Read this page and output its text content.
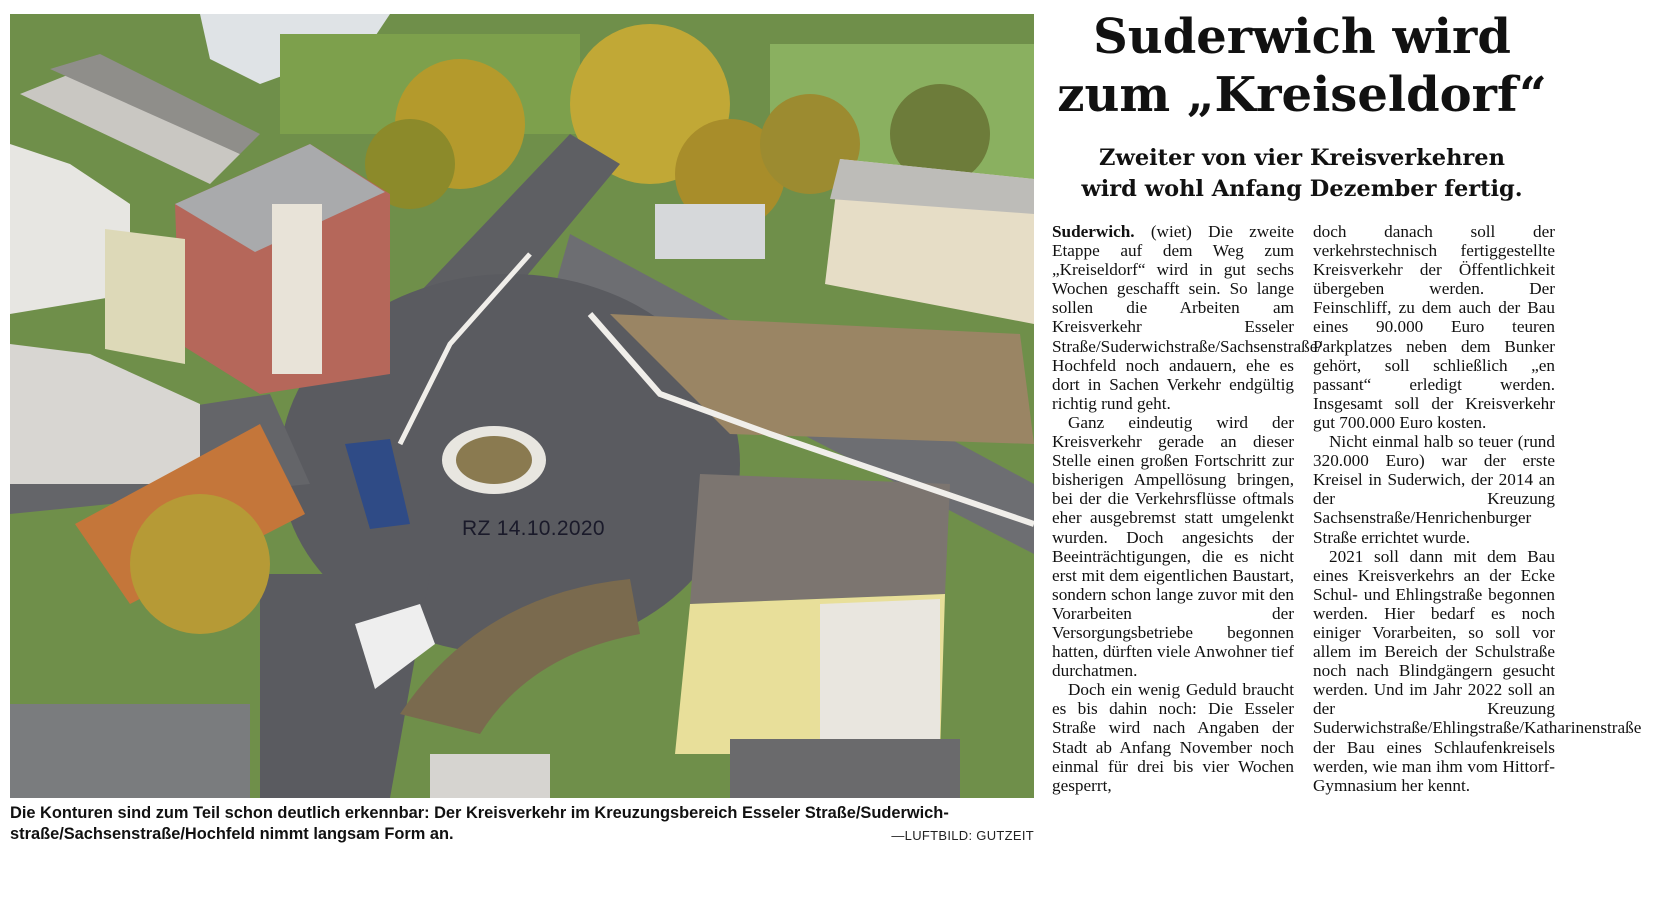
RZ 14.10.2020
Die Konturen sind zum Teil schon deutlich erkennbar: Der Kreisverkehr im Kreuzungsbereich Esseler Straße/Suderwich-straße/Sachsenstraße/Hochfeld nimmt langsam Form an.	—LUFTBILD: GUTZEIT
Suderwich wird
zum „Kreiseldorf“
Zweiter von vier Kreisverkehren
wird wohl Anfang Dezember fertig.

Suderwich. (wiet) Die zweite Etappe auf dem Weg zum „Kreiseldorf“ wird in gut sechs Wochen geschafft sein. So lange sollen die Arbeiten am Kreisverkehr Esseler Straße/Suderwichstraße/Sachsenstraße/ Hochfeld noch andauern, ehe es dort in Sachen Verkehr endgültig richtig rund geht.

Ganz eindeutig wird der Kreisverkehr gerade an dieser Stelle einen großen Fortschritt zur bisherigen Ampellösung bringen, bei der die Verkehrsflüsse oftmals eher ausgebremst statt umgelenkt wurden. Doch angesichts der Beeinträchtigungen, die es nicht erst mit dem eigentlichen Baustart, sondern schon lange zuvor mit den Vorarbeiten der Versorgungsbetriebe begonnen hatten, dürften viele Anwohner tief durchatmen.

Doch ein wenig Geduld braucht es bis dahin noch: Die Esseler Straße wird nach Angaben der Stadt ab Anfang November noch einmal für drei bis vier Wochen gesperrt,

doch danach soll der verkehrstechnisch fertiggestellte Kreisverkehr der Öffentlichkeit übergeben werden. Der Feinschliff, zu dem auch der Bau eines 90.000 Euro teuren Parkplatzes neben dem Bunker gehört, soll schließlich „en passant“ erledigt werden. Insgesamt soll der Kreisverkehr gut 700.000 Euro kosten.

Nicht einmal halb so teuer (rund 320.000 Euro) war der erste Kreisel in Suderwich, der 2014 an der Kreuzung Sachsenstraße/Henrichenburger Straße errichtet wurde.

2021 soll dann mit dem Bau eines Kreisverkehrs an der Ecke Schul- und Ehlingstraße begonnen werden. Hier bedarf es noch einiger Vorarbeiten, so soll vor allem im Bereich der Schulstraße noch nach Blindgängern gesucht werden. Und im Jahr 2022 soll an der Kreuzung Suderwichstraße/Ehlingstraße/Katharinenstraße der Bau eines Schlaufenkreisels werden, wie man ihm vom Hittorf-Gymnasium her kennt.
